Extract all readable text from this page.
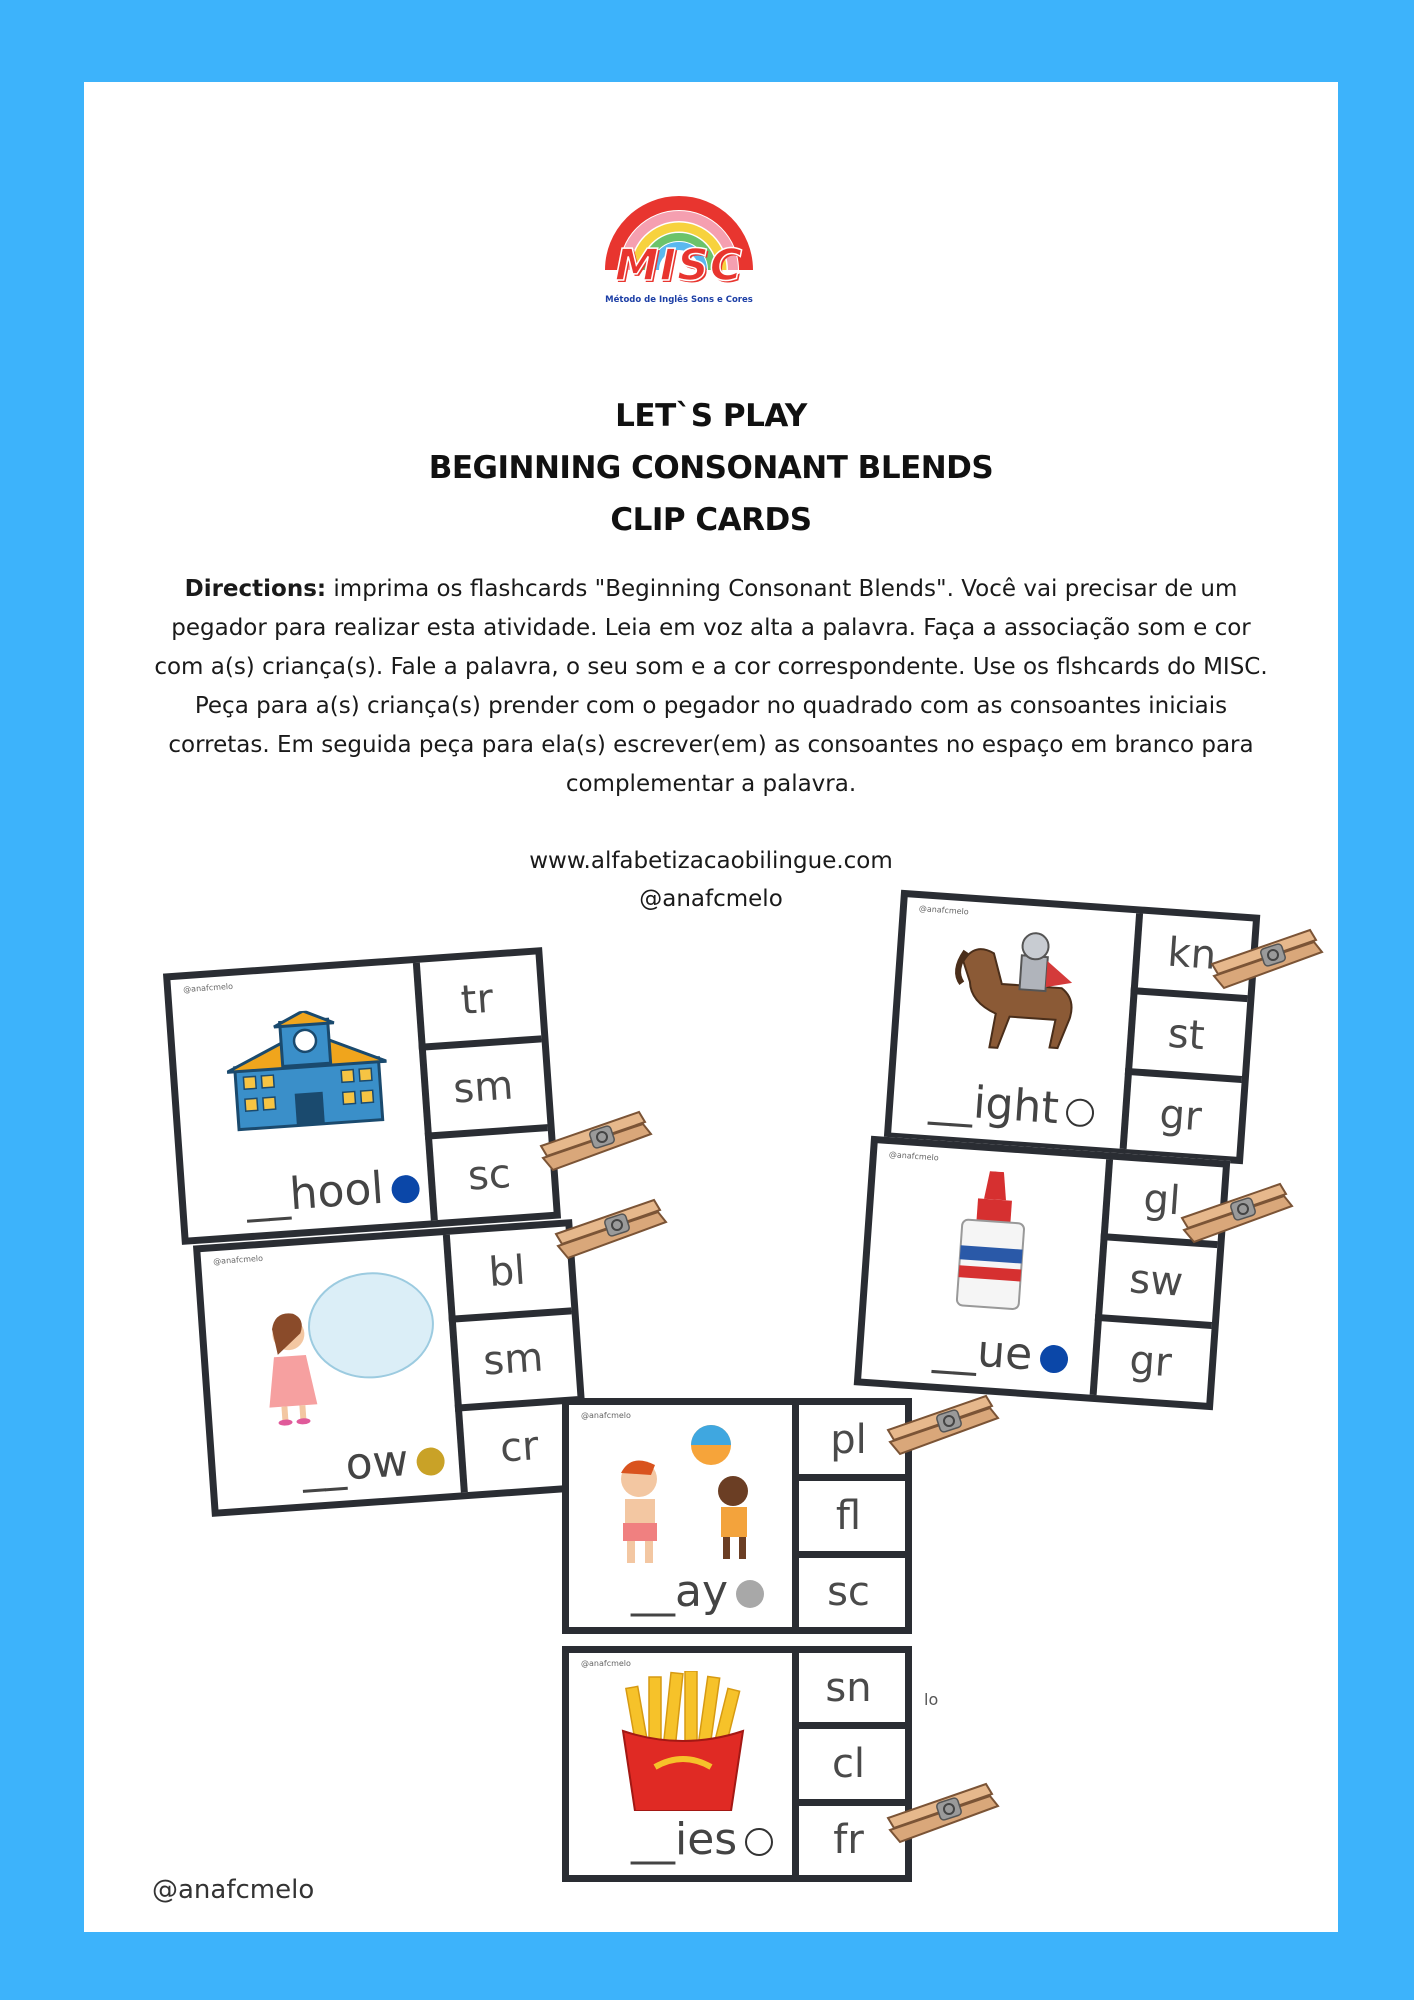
MISC
Método de Inglês Sons e Cores
LET`S PLAY
BEGINNING CONSONANT BLENDS
CLIP CARDS
Directions: imprima os flashcards "Beginning Consonant Blends". Você vai precisar de um pegador para realizar esta atividade. Leia em voz alta a palavra. Faça a associação som e cor com a(s) criança(s). Fale a palavra, o seu som e a cor correspondente. Use os flshcards do MISC. Peça para a(s) criança(s) prender com o pegador no quadrado com as consoantes iniciais corretas. Em seguida peça para ela(s) escrever(em) as consoantes no espaço em branco para complementar a palavra.
www.alfabetizacaobilingue.com
@anafcmelo
@anafcmelo
__hool
tr
sm
sc
@anafcmelo
__ow
bl
sm
cr
@anafcmelo
__ight
kn
st
gr
@anafcmelo
__ue
gl
sw
gr
@anafcmelo
__ay
pl
fl
sc
@anafcmelo
__ies
sn
cl
fr
lo
@anafcmelo
